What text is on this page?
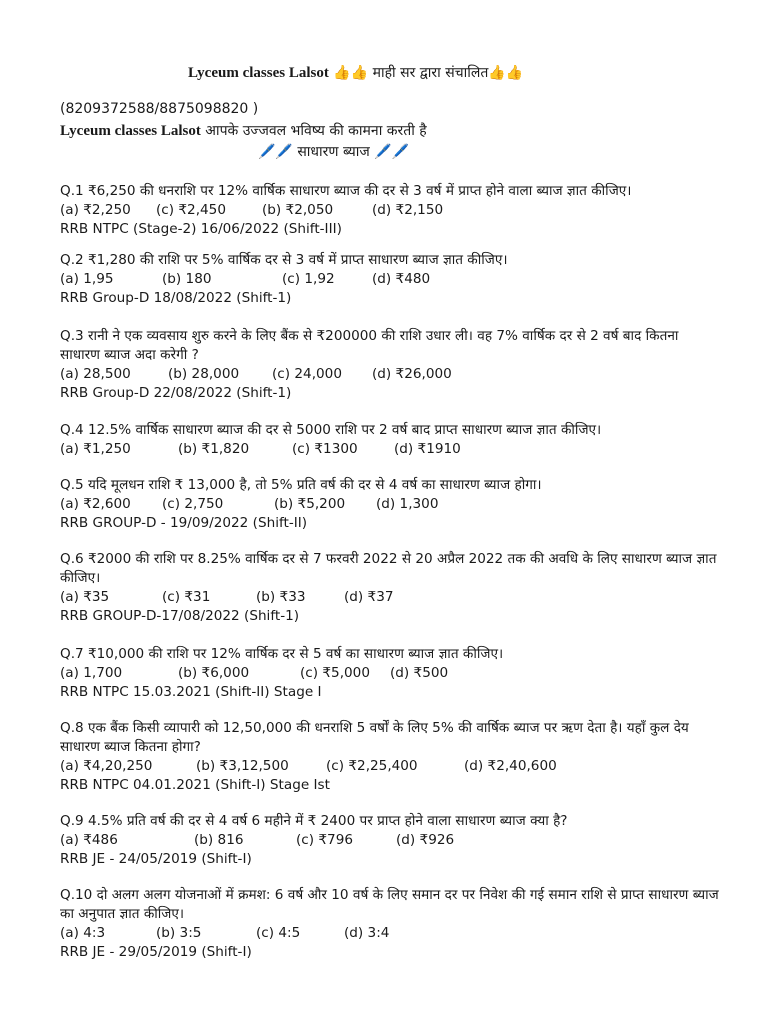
Lyceum classes Lalsot 👍👍 माही सर द्वारा संचालित👍👍
(8209372588/8875098820 )
Lyceum classes Lalsot आपके उज्जवल भविष्य की कामना करती है
🖊️🖊️ साधारण ब्याज 🖊️🖊️
Q.1 ₹6,250 की धनराशि पर 12% वार्षिक साधारण ब्याज की दर से 3 वर्ष में प्राप्त होने वाला ब्याज ज्ञात कीजिए।
(a) ₹2,250	(c) ₹2,450	(b) ₹2,050	(d) ₹2,150
RRB NTPC (Stage-2) 16/06/2022 (Shift-III)
Q.2 ₹1,280 की राशि पर 5% वार्षिक दर से 3 वर्ष में प्राप्त साधारण ब्याज ज्ञात कीजिए।
(a) 1,95	(b) 180	(c) 1,92	(d) ₹480
RRB Group-D 18/08/2022 (Shift-1)
Q.3 रानी ने एक व्यवसाय शुरु करने के लिए बैंक से ₹200000 की राशि उधार ली। वह 7% वार्षिक दर से 2 वर्ष बाद कितना साधारण ब्याज अदा करेगी ?
(a) 28,500	(b) 28,000	(c) 24,000	(d) ₹26,000
RRB Group-D 22/08/2022 (Shift-1)
Q.4 12.5% वार्षिक साधारण ब्याज की दर से 5000 राशि पर 2 वर्ष बाद प्राप्त साधारण ब्याज ज्ञात कीजिए।
(a) ₹1,250	(b) ₹1,820	(c) ₹1300	(d) ₹1910
Q.5 यदि मूलधन राशि ₹ 13,000 है, तो 5% प्रति वर्ष की दर से 4 वर्ष का साधारण ब्याज होगा।
(a) ₹2,600	(c) 2,750	(b) ₹5,200	(d) 1,300
RRB GROUP-D - 19/09/2022 (Shift-II)
Q.6 ₹2000 की राशि पर 8.25% वार्षिक दर से 7 फरवरी 2022 से 20 अप्रैल 2022 तक की अवधि के लिए साधारण ब्याज ज्ञात कीजिए।
(a) ₹35	(c) ₹31	(b) ₹33	(d) ₹37
RRB GROUP-D-17/08/2022 (Shift-1)
Q.7 ₹10,000 की राशि पर 12% वार्षिक दर से 5 वर्ष का साधारण ब्याज ज्ञात कीजिए।
(a) 1,700	(b) ₹6,000	(c) ₹5,000	(d) ₹500
RRB NTPC 15.03.2021 (Shift-II) Stage I
Q.8 एक बैंक किसी व्यापारी को 12,50,000 की धनराशि 5 वर्षों के लिए 5% की वार्षिक ब्याज पर ऋण देता है। यहाँ कुल देय साधारण ब्याज कितना होगा?
(a) ₹4,20,250	(b) ₹3,12,500	(c) ₹2,25,400	(d) ₹2,40,600
RRB NTPC 04.01.2021 (Shift-I) Stage Ist
Q.9 4.5% प्रति वर्ष की दर से 4 वर्ष 6 महीने में ₹ 2400 पर प्राप्त होने वाला साधारण ब्याज क्या है?
(a) ₹486	(b) 816	(c) ₹796	(d) ₹926
RRB JE - 24/05/2019 (Shift-I)
Q.10 दो अलग अलग योजनाओं में क्रमश: 6 वर्ष और 10 वर्ष के लिए समान दर पर निवेश की गई समान राशि से प्राप्त साधारण ब्याज का अनुपात ज्ञात कीजिए।
(a) 4:3	(b) 3:5	(c) 4:5	(d) 3:4
RRB JE - 29/05/2019 (Shift-I)
